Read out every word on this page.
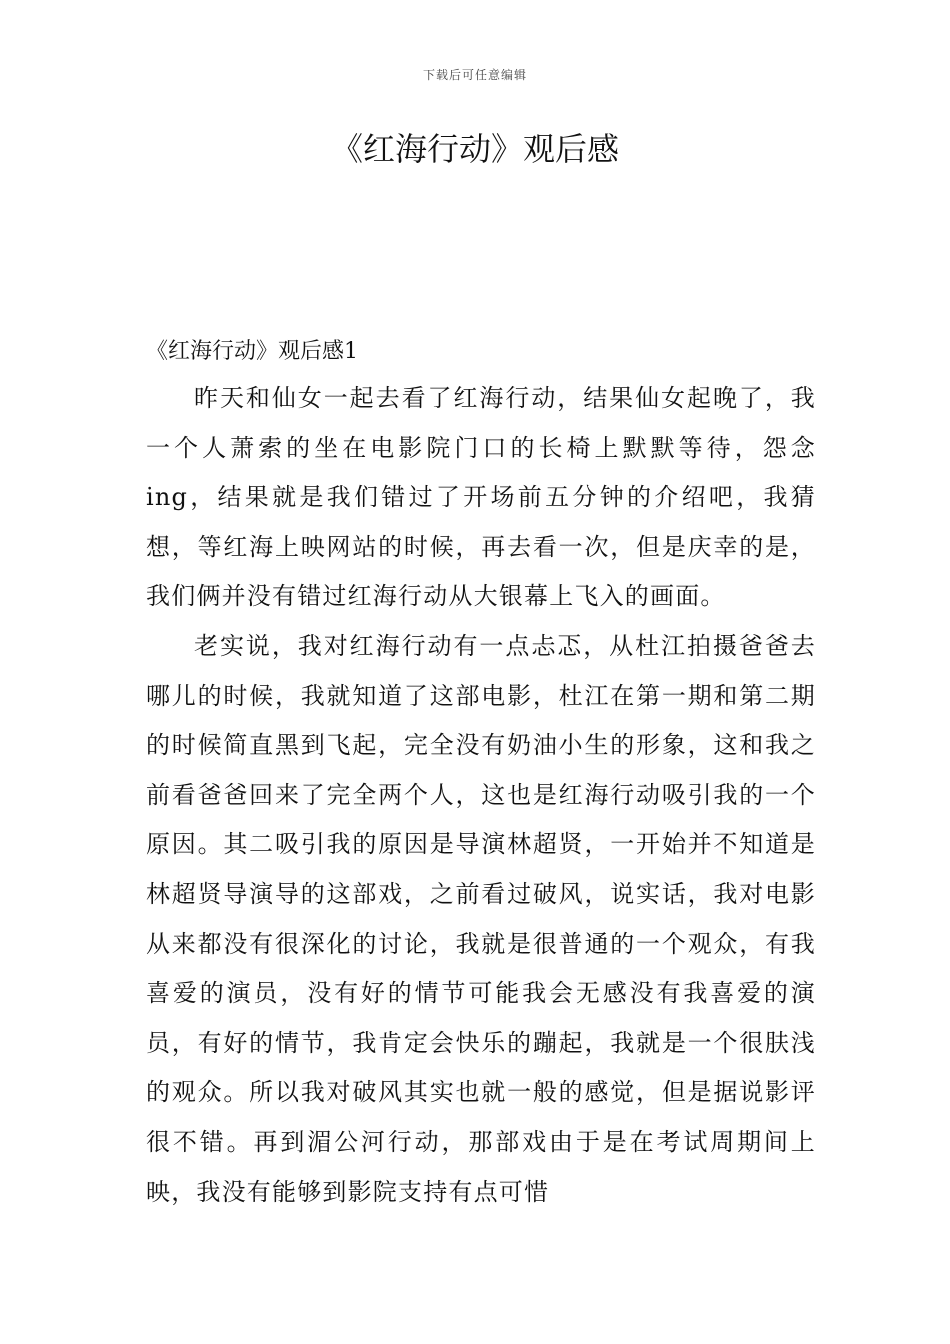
下载后可任意编辑
《红海行动》观后感
《红海行动》观后感1

昨天和仙女一起去看了红海行动，结果仙女起晚了，我一个人萧索的坐在电影院门口的长椅上默默等待，怨念ing，结果就是我们错过了开场前五分钟的介绍吧，我猜想，等红海上映网站的时候，再去看一次，但是庆幸的是，我们俩并没有错过红海行动从大银幕上飞入的画面。

老实说，我对红海行动有一点忐忑，从杜江拍摄爸爸去哪儿的时候，我就知道了这部电影，杜江在第一期和第二期的时候简直黑到飞起，完全没有奶油小生的形象，这和我之前看爸爸回来了完全两个人，这也是红海行动吸引我的一个原因。其二吸引我的原因是导演林超贤，一开始并不知道是林超贤导演导的这部戏，之前看过破风，说实话，我对电影从来都没有很深化的讨论，我就是很普通的一个观众，有我喜爱的演员，没有好的情节可能我会无感没有我喜爱的演员，有好的情节，我肯定会快乐的蹦起，我就是一个很肤浅的观众。所以我对破风其实也就一般的感觉，但是据说影评很不错。再到湄公河行动，那部戏由于是在考试周期间上映，我没有能够到影院支持有点可惜
